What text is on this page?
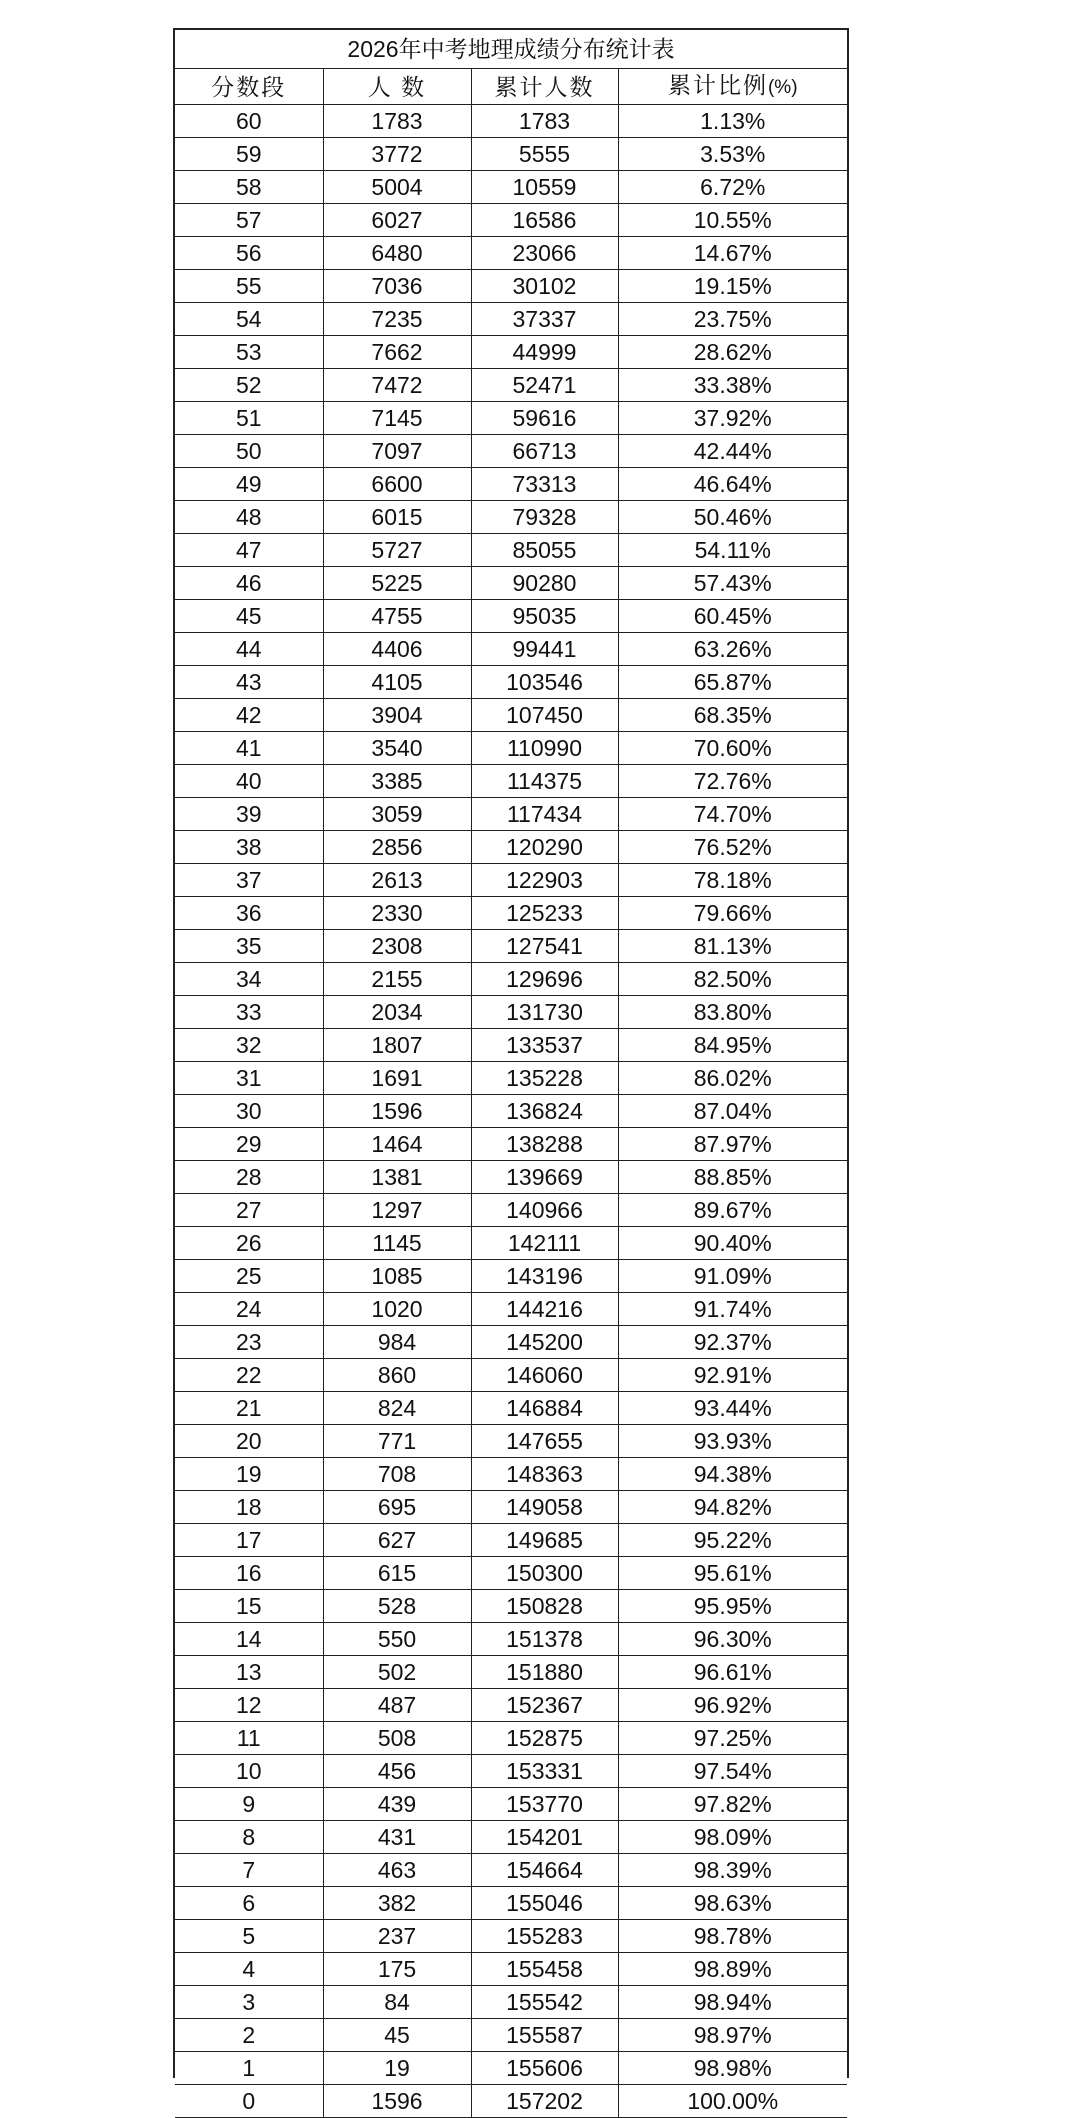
2026年中考地理成绩分布统计表
分数段	人 数	累计人数	累计比例(%)
60	1783	1783	1.13%
59	3772	5555	3.53%
58	5004	10559	6.72%
57	6027	16586	10.55%
56	6480	23066	14.67%
55	7036	30102	19.15%
54	7235	37337	23.75%
53	7662	44999	28.62%
52	7472	52471	33.38%
51	7145	59616	37.92%
50	7097	66713	42.44%
49	6600	73313	46.64%
48	6015	79328	50.46%
47	5727	85055	54.11%
46	5225	90280	57.43%
45	4755	95035	60.45%
44	4406	99441	63.26%
43	4105	103546	65.87%
42	3904	107450	68.35%
41	3540	110990	70.60%
40	3385	114375	72.76%
39	3059	117434	74.70%
38	2856	120290	76.52%
37	2613	122903	78.18%
36	2330	125233	79.66%
35	2308	127541	81.13%
34	2155	129696	82.50%
33	2034	131730	83.80%
32	1807	133537	84.95%
31	1691	135228	86.02%
30	1596	136824	87.04%
29	1464	138288	87.97%
28	1381	139669	88.85%
27	1297	140966	89.67%
26	1145	142111	90.40%
25	1085	143196	91.09%
24	1020	144216	91.74%
23	984	145200	92.37%
22	860	146060	92.91%
21	824	146884	93.44%
20	771	147655	93.93%
19	708	148363	94.38%
18	695	149058	94.82%
17	627	149685	95.22%
16	615	150300	95.61%
15	528	150828	95.95%
14	550	151378	96.30%
13	502	151880	96.61%
12	487	152367	96.92%
11	508	152875	97.25%
10	456	153331	97.54%
9	439	153770	97.82%
8	431	154201	98.09%
7	463	154664	98.39%
6	382	155046	98.63%
5	237	155283	98.78%
4	175	155458	98.89%
3	84	155542	98.94%
2	45	155587	98.97%
1	19	155606	98.98%
0	1596	157202	100.00%
